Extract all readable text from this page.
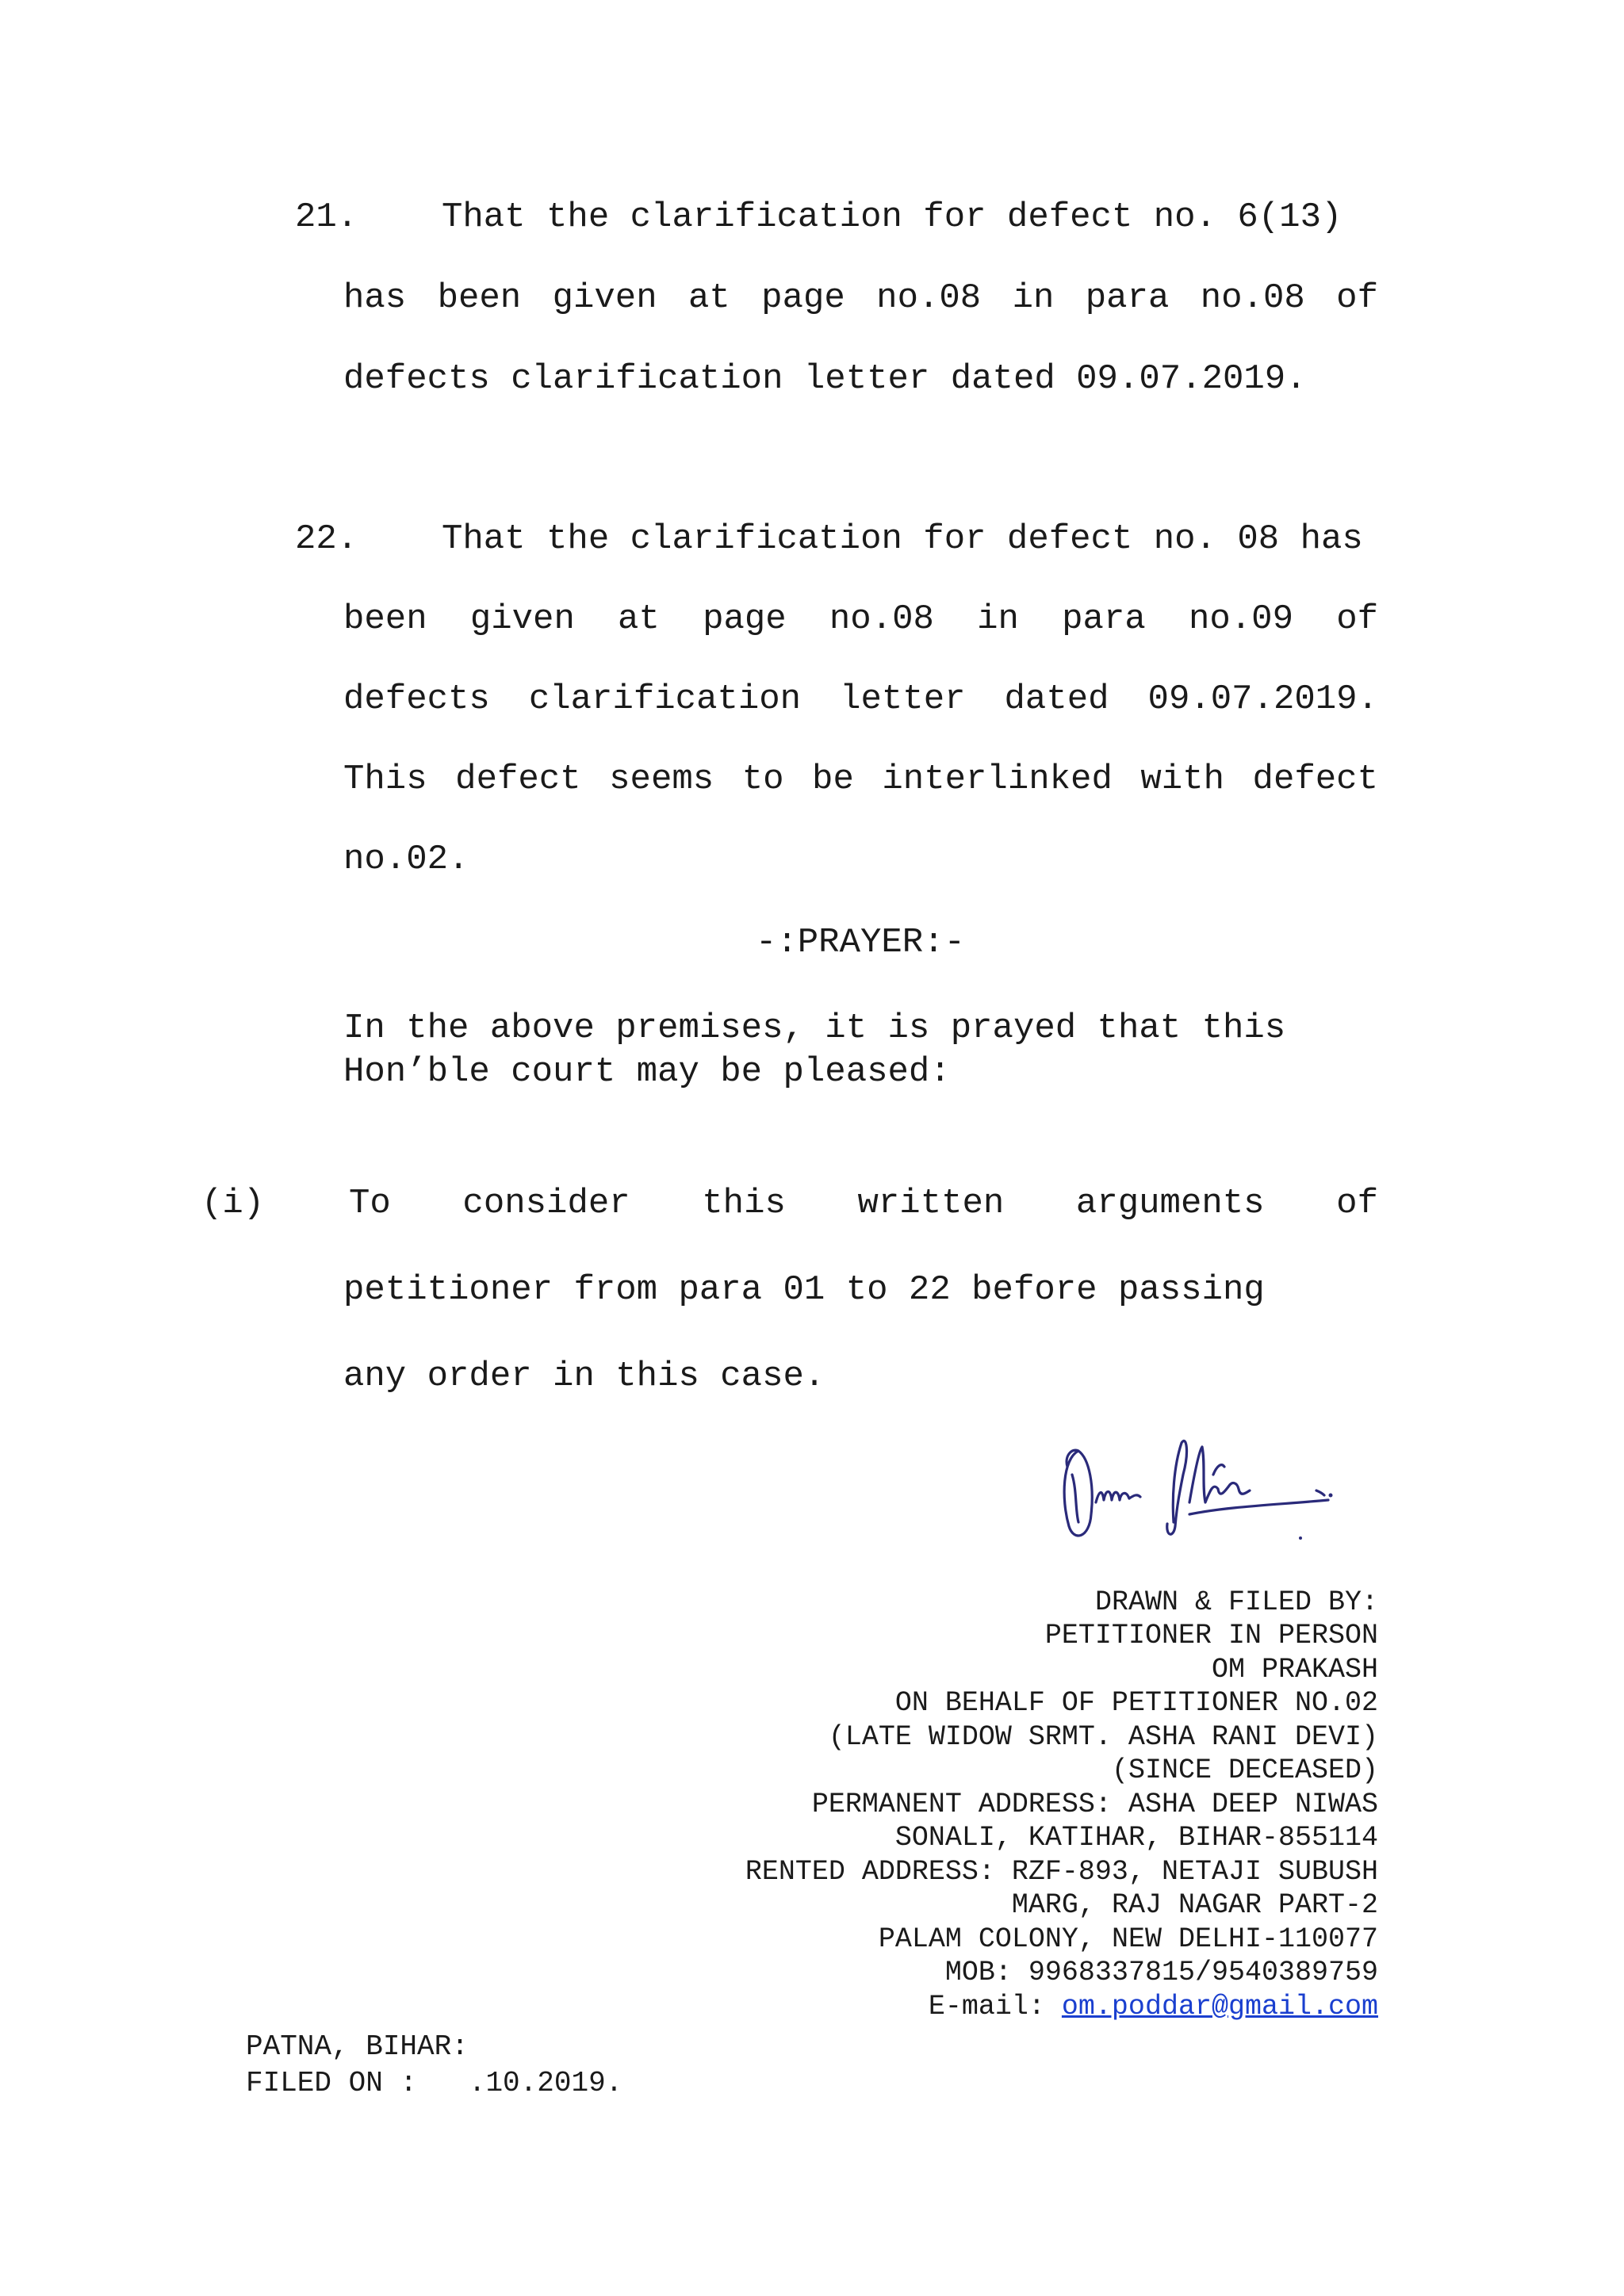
21. That the clarification for defect no. 6(13)
has been given at page no.08 in para no.08 of
defects clarification letter dated 09.07.2019.
22. That the clarification for defect no. 08 has
been given at page no.08 in para no.09 of
defects clarification letter dated 09.07.2019.
This defect seems to be interlinked with defect
no.02.
-:PRAYER:-
In the above premises, it is prayed that this
Hon’ble court may be pleased:
(i) To consider this written arguments of
petitioner from para 01 to 22 before passing
any order in this case.
DRAWN & FILED BY:
PETITIONER IN PERSON
OM PRAKASH
ON BEHALF OF PETITIONER NO.02
(LATE WIDOW SRMT. ASHA RANI DEVI)
(SINCE DECEASED)
PERMANENT ADDRESS: ASHA DEEP NIWAS
SONALI, KATIHAR, BIHAR-855114
RENTED ADDRESS: RZF-893, NETAJI SUBUSH
MARG, RAJ NAGAR PART-2
PALAM COLONY, NEW DELHI-110077
MOB: 9968337815/9540389759
E-mail: om.poddar@gmail.com
PATNA, BIHAR:
FILED ON :   .10.2019.
